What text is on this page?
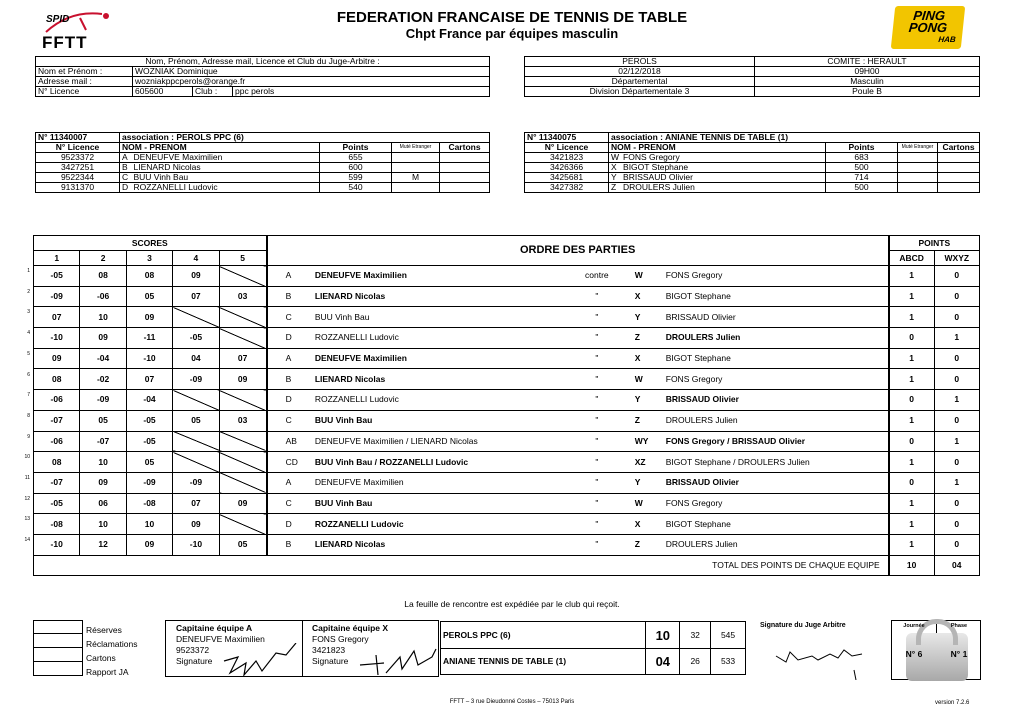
SPID
FFTT
FEDERATION FRANCAISE DE TENNIS DE TABLE
Chpt France par équipes masculin
PING
PONG
HAB
Nom, Prénom, Adresse mail, Licence et Club du Juge-Arbitre :			
Nom et Prénom :	WOZNIAK Dominique		
Adresse mail :	wozniakppcperols@orange.fr		
N° Licence	605600	Club :	ppc perols
PEROLS	COMITE : HERAULT
02/12/2018	09H00
Départemental	Masculin
Division Départementale 3	Poule B
N° 11340007	association : PEROLS PPC (6)				
N° Licence	NOM - PRENOM		Points	Muté Etranger	Cartons
9523372	A	DENEUFVE Maximilien	655		
3427251	B	LIENARD Nicolas	600		
9522344	C	BUU Vinh Bau	599	M	
9131370	D	ROZZANELLI Ludovic	540		
N° 11340075	association : ANIANE TENNIS DE TABLE (1)				
N° Licence	NOM - PRENOM		Points	Muté Etranger	Cartons
3421823	W	FONS Gregory	683		
3426366	X	BIGOT Stephane	500		
3425681	Y	BRISSAUD Olivier	714		
3427382	Z	DROULERS Julien	500		
SCORES					ORDRE DES PARTIES					POINTS	
1	2	3	4	5						ABCD	WXYZ
-05	08	08	09		A	DENEUFVE Maximilien	contre	W	FONS Gregory	1	0
-09	-06	05	07	03	B	LIENARD Nicolas	"	X	BIGOT Stephane	1	0
07	10	09			C	BUU Vinh Bau	"	Y	BRISSAUD Olivier	1	0
-10	09	-11	-05		D	ROZZANELLI Ludovic	"	Z	DROULERS Julien	0	1
09	-04	-10	04	07	A	DENEUFVE Maximilien	"	X	BIGOT Stephane	1	0
08	-02	07	-09	09	B	LIENARD Nicolas	"	W	FONS Gregory	1	0
-06	-09	-04			D	ROZZANELLI Ludovic	"	Y	BRISSAUD Olivier	0	1
-07	05	-05	05	03	C	BUU Vinh Bau	"	Z	DROULERS Julien	1	0
-06	-07	-05			AB	DENEUFVE Maximilien / LIENARD Nicolas	"	WY	FONS Gregory / BRISSAUD Olivier	0	1
08	10	05			CD	BUU Vinh Bau / ROZZANELLI Ludovic	"	XZ	BIGOT Stephane / DROULERS Julien	1	0
-07	09	-09	-09		A	DENEUFVE Maximilien	"	Y	BRISSAUD Olivier	0	1
-05	06	-08	07	09	C	BUU Vinh Bau	"	W	FONS Gregory	1	0
-08	10	10	09		D	ROZZANELLI Ludovic	"	X	BIGOT Stephane	1	0
-10	12	09	-10	05	B	LIENARD Nicolas	"	Z	DROULERS Julien	1	0
TOTAL DES POINTS DE CHAQUE EQUIPE										10	04
La feuille de rencontre est expédiée par le club qui reçoit.
Réserves
Réclamations
Cartons
Rapport JA
Capitaine équipe A
DENEUFVE Maximilien
9523372
Signature
Capitaine équipe X
FONS Gregory
3421823
Signature
PEROLS PPC (6)	10	32	545
ANIANE TENNIS DE TABLE (1)	04	26	533
Signature du Juge Arbitre	Journée	Phase
N° 6	N° 1
FFTT – 3 rue Dieudonné Costes – 75013 Paris	version 7.2.6
1
2
3
4
5
6
7
8
9
10
11
12
13
14
